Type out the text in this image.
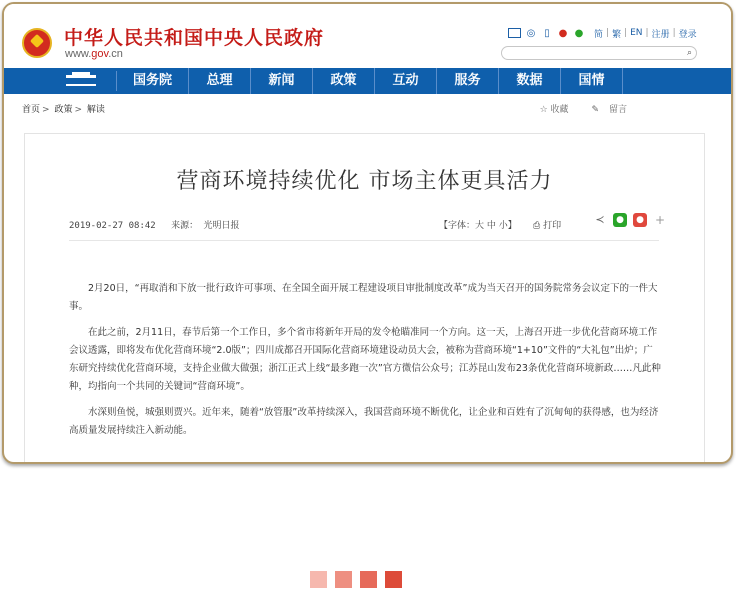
中华人民共和国中央人民政府
www.gov.cn
◎ ▯ ● ●	简 | 繁 | EN | 注册 | 登录
⌕
国务院	总理	新闻	政策	互动	服务	数据	国情
首页 > 政策 > 解读	☆ 收藏	✎ 留言
营商环境持续优化 市场主体更具活力
2019-02-27 08:42 来源： 光明日报	【字体：大 中 小】 ⎙ 打印	≺	●	● +

2月20日，“再取消和下放一批行政许可事项、在全国全面开展工程建设项目审批制度改革”成为当天召开的国务院常务会议定下的一件大事。

在此之前，2月11日，春节后第一个工作日，多个省市将新年开局的发令枪瞄准同一个方向。这一天，上海召开进一步优化营商环境工作会议透露，即将发布优化营商环境“2.0版”；四川成都召开国际化营商环境建设动员大会，被称为营商环境“1+10”文件的“大礼包”出炉；广东研究持续优化营商环境，支持企业做大做强；浙江正式上线“最多跑一次”官方微信公众号；江苏昆山发布23条优化营商环境新政……凡此种种，均指向一个共同的关键词“营商环境”。

水深则鱼悦，城强则贾兴。近年来，随着“放管服”改革持续深入，我国营商环境不断优化，让企业和百姓有了沉甸甸的获得感，也为经济高质量发展持续注入新动能。
